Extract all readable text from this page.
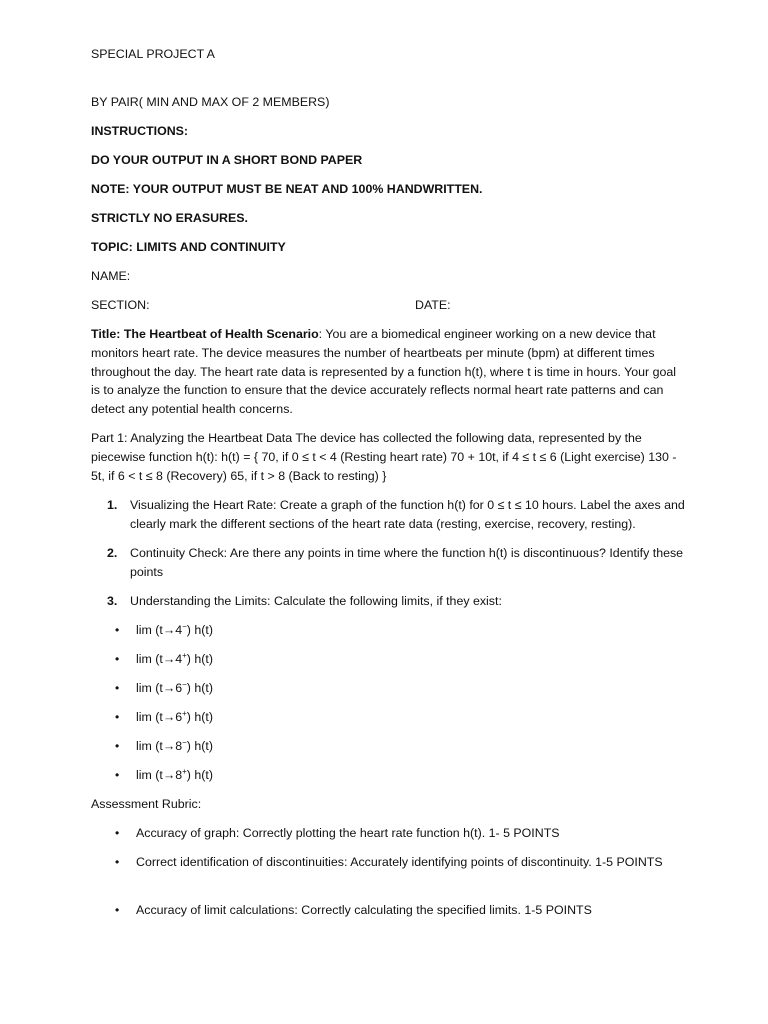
SPECIAL PROJECT A
BY PAIR( MIN AND MAX OF 2 MEMBERS)
INSTRUCTIONS:
DO YOUR OUTPUT IN A SHORT BOND PAPER
NOTE: YOUR OUTPUT MUST BE NEAT AND 100% HANDWRITTEN.
STRICTLY NO ERASURES.
TOPIC: LIMITS AND CONTINUITY
NAME:
SECTION:	DATE:
Title: The Heartbeat of Health Scenario: You are a biomedical engineer working on a new device that monitors heart rate. The device measures the number of heartbeats per minute (bpm) at different times throughout the day. The heart rate data is represented by a function h(t), where t is time in hours. Your goal is to analyze the function to ensure that the device accurately reflects normal heart rate patterns and can detect any potential health concerns.
Part 1: Analyzing the Heartbeat Data The device has collected the following data, represented by the piecewise function h(t): h(t) = { 70, if 0 ≤ t < 4 (Resting heart rate) 70 + 10t, if 4 ≤ t ≤ 6 (Light exercise) 130 - 5t, if 6 < t ≤ 8 (Recovery) 65, if t > 8 (Back to resting) }
1. Visualizing the Heart Rate: Create a graph of the function h(t) for 0 ≤ t ≤ 10 hours. Label the axes and clearly mark the different sections of the heart rate data (resting, exercise, recovery, resting).
2. Continuity Check: Are there any points in time where the function h(t) is discontinuous? Identify these points
3. Understanding the Limits: Calculate the following limits, if they exist:
• lim (t→4−) h(t)
• lim (t→4+) h(t)
• lim (t→6−) h(t)
• lim (t→6+) h(t)
• lim (t→8−) h(t)
• lim (t→8+) h(t)
Assessment Rubric:
• Accuracy of graph: Correctly plotting the heart rate function h(t). 1- 5 POINTS
• Correct identification of discontinuities: Accurately identifying points of discontinuity. 1-5 POINTS
• Accuracy of limit calculations: Correctly calculating the specified limits. 1-5 POINTS
